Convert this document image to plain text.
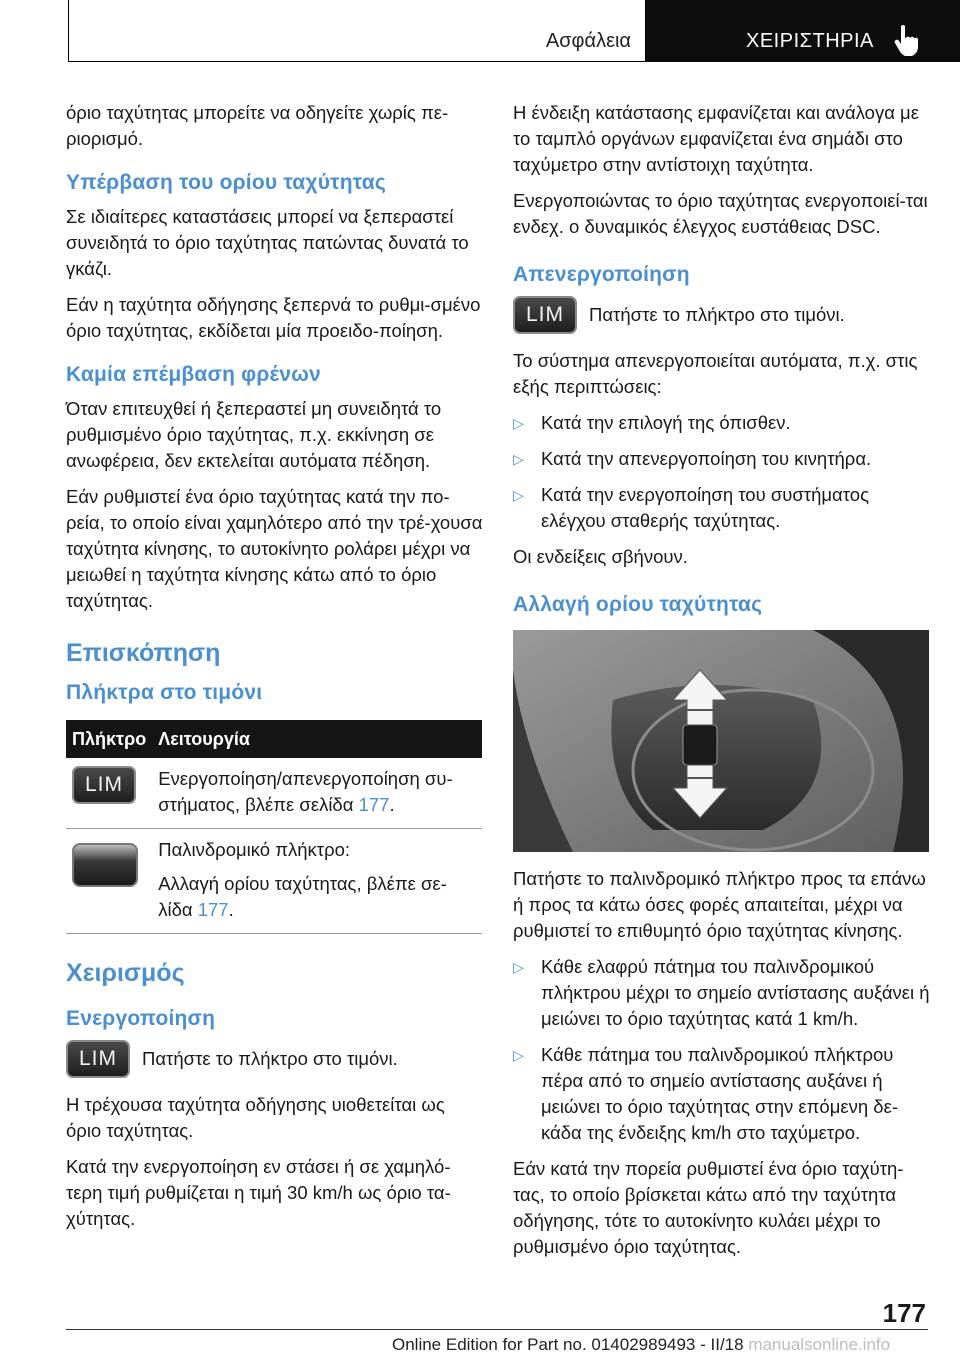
Ασφάλεια	ΧΕΙΡΙΣΤΗΡΙΑ
όριο ταχύτητας μπορείτε να οδηγείτε χωρίς πε-ριορισμό.
Υπέρβαση του ορίου ταχύτητας
Σε ιδιαίτερες καταστάσεις μπορεί να ξεπεραστεί συνειδητά το όριο ταχύτητας πατώντας δυνατά το γκάζι.
Εάν η ταχύτητα οδήγησης ξεπερνά το ρυθμι-σμένο όριο ταχύτητας, εκδίδεται μία προειδο-ποίηση.
Καμία επέμβαση φρένων
Όταν επιτευχθεί ή ξεπεραστεί μη συνειδητά το ρυθμισμένο όριο ταχύτητας, π.χ. εκκίνηση σε ανωφέρεια, δεν εκτελείται αυτόματα πέδηση.
Εάν ρυθμιστεί ένα όριο ταχύτητας κατά την πο-ρεία, το οποίο είναι χαμηλότερο από την τρέ-χουσα ταχύτητα κίνησης, το αυτοκίνητο ρολάρει μέχρι να μειωθεί η ταχύτητα κίνησης κάτω από το όριο ταχύτητας.
Επισκόπηση
Πλήκτρα στο τιμόνι
Πλήκτρο	Λειτουργία
LIM	Ενεργοποίηση/απενεργοποίηση συ-στήματος, βλέπε σελίδα 177.

	Παλινδρομικό πλήκτρο:
Αλλαγή ορίου ταχύτητας, βλέπε σε-λίδα 177.
Χειρισμός
Ενεργοποίηση
LIM	Πατήστε το πλήκτρο στο τιμόνι.
Η τρέχουσα ταχύτητα οδήγησης υιοθετείται ως όριο ταχύτητας.
Κατά την ενεργοποίηση εν στάσει ή σε χαμηλό-τερη τιμή ρυθμίζεται η τιμή 30 km/h ως όριο τα-χύτητας.
Η ένδειξη κατάστασης εμφανίζεται και ανάλογα με το ταμπλό οργάνων εμφανίζεται ένα σημάδι στο ταχύμετρο στην αντίστοιχη ταχύτητα.
Ενεργοποιώντας το όριο ταχύτητας ενεργοποιεί-ται ενδεχ. ο δυναμικός έλεγχος ευστάθειας DSC.
Απενεργοποίηση
LIM	Πατήστε το πλήκτρο στο τιμόνι.
Το σύστημα απενεργοποιείται αυτόματα, π.χ. στις εξής περιπτώσεις:
▷ Κατά την επιλογή της όπισθεν.
▷ Κατά την απενεργοποίηση του κινητήρα.
▷ Κατά την ενεργοποίηση του συστήματος ελέγχου σταθερής ταχύτητας.
Οι ενδείξεις σβήνουν.
Αλλαγή ορίου ταχύτητας
Πατήστε το παλινδρομικό πλήκτρο προς τα επάνω ή προς τα κάτω όσες φορές απαιτείται, μέχρι να ρυθμιστεί το επιθυμητό όριο ταχύτητας κίνησης.
▷ Κάθε ελαφρύ πάτημα του παλινδρομικού πλήκτρου μέχρι το σημείο αντίστασης αυξάνει ή μειώνει το όριο ταχύτητας κατά 1 km/h.
▷ Κάθε πάτημα του παλινδρομικού πλήκτρου πέρα από το σημείο αντίστασης αυξάνει ή μειώνει το όριο ταχύτητας στην επόμενη δε-κάδα της ένδειξης km/h στο ταχύμετρο.
Εάν κατά την πορεία ρυθμιστεί ένα όριο ταχύτη-τας, το οποίο βρίσκεται κάτω από την ταχύτητα οδήγησης, τότε το αυτοκίνητο κυλάει μέχρι το ρυθμισμένο όριο ταχύτητας.
177
Online Edition for Part no. 01402989493 - II/18 manualsonline.info
